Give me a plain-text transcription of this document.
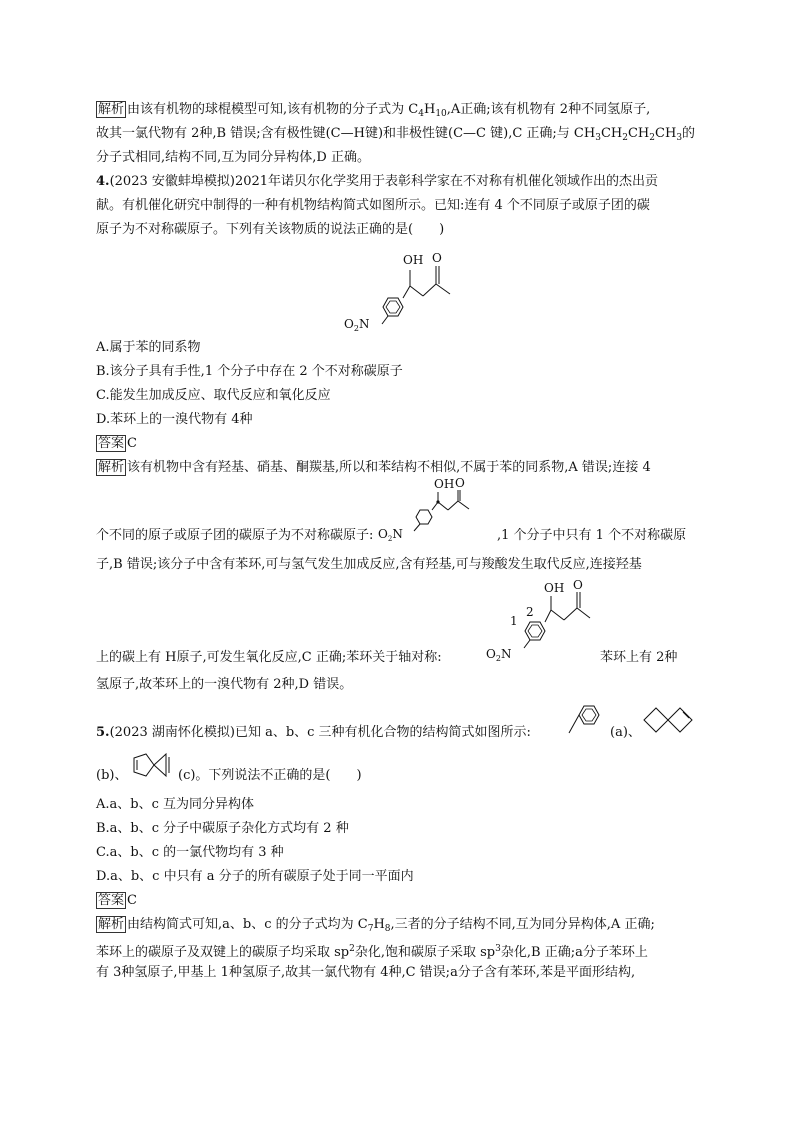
解析 由该有机物的球棍模型可知,该有机物的分子式为 $C_4H_{10},A$正确;该有机物有 2种不同氢原子,
故其一氯代物有 2种,B 错误;含有极性键(C—H键)和非极性键(C—C 键),C 正确;与 $CH_3CH_2CH_2CH_3$的
分子式相同,结构不同,互为同分异构体,D 正确。
4.(2023 安徽蚌埠模拟)2021年诺贝尔化学奖用于表彰科学家在不对称有机催化领域作出的杰出贡
献。有机催化研究中制得的一种有机物结构简式如图所示。已知:连有 4 个不同原子或原子团的碳
原子为不对称碳原子。下列有关该物质的说法正确的是(　　)
OH O
$O_2N$
A.属于苯的同系物
B.该分子具有手性,1 个分子中存在 2 个不对称碳原子
C.能发生加成反应、取代反应和氧化反应
D.苯环上的一溴代物有 4种
答案 C
解析 该有机物中含有羟基、硝基、酮羰基,所以和苯结构不相似,不属于苯的同系物,A 错误;连接 4
个不同的原子或原子团的碳原子为不对称碳原子:
OH O
$O_2N$	,1 个分子中只有 1 个不对称碳原
子,B 错误;该分子中含有苯环,可与氢气发生加成反应,含有羟基,可与羧酸发生取代反应,连接羟基
上的碳上有 H原子,可发生氧化反应,C 正确;苯环关于轴对称:
OH O
1
2
$O_2N$	苯环上有 2种
氢原子,故苯环上的一溴代物有 2种,D 错误。
5.(2023 湖南怀化模拟)已知 a、b、c 三种有机化合物的结构简式如图所示:	(a)、
(b)、	(c)。下列说法不正确的是(　　)
A.a、b、c 互为同分异构体
B.a、b、c 分子中碳原子杂化方式均有 2 种
C.a、b、c 的一氯代物均有 3 种
D.a、b、c 中只有 a 分子的所有碳原子处于同一平面内
答案 C
解析 由结构简式可知,a、b、c 的分子式均为 $C_7H_8$,三者的分子结构不同,互为同分异构体,A 正确;
苯环上的碳原子及双键上的碳原子均采取 $sp^2$杂化,饱和碳原子采取 $sp^3$杂化,B 正确;a分子苯环上
有 3种氢原子,甲基上 1种氢原子,故其一氯代物有 4种,C 错误;a分子含有苯环,苯是平面形结构,
